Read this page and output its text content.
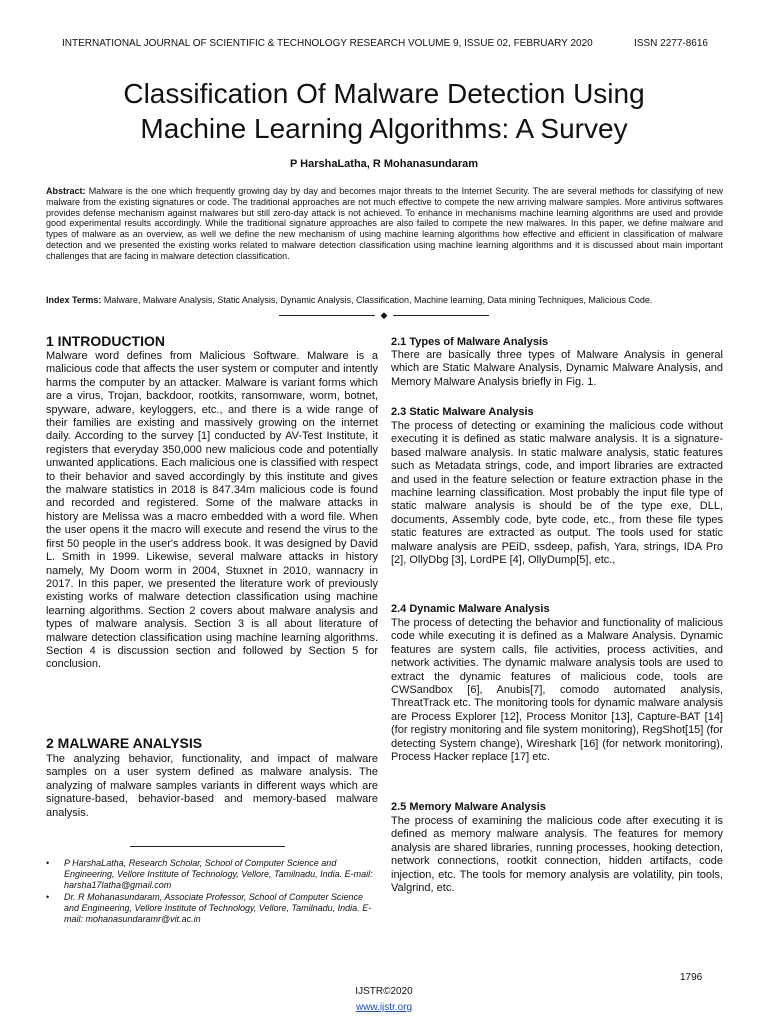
INTERNATIONAL JOURNAL OF SCIENTIFIC & TECHNOLOGY RESEARCH VOLUME 9, ISSUE 02, FEBRUARY 2020	ISSN 2277-8616
Classification Of Malware Detection Using
Machine Learning Algorithms: A Survey
P HarshaLatha, R Mohanasundaram
Abstract: Malware is the one which frequently growing day by day and becomes major threats to the Internet Security. The are several methods for classifying of new malware from the existing signatures or code. The traditional approaches are not much effective to compete the new arriving malware samples. More antivirus softwares provides defense mechanism against malwares but still zero-day attack is not achieved. To enhance in mechanisms machine learning algorithms are used and provide good experimental results accordingly. While the traditional signature approaches are also failed to compete the new malwares. In this paper, we define malware and types of malware as an overview, as well we define the new mechanism of using machine learning algorithms how effective and efficient in classification of malware detection and we presented the existing works related to malware detection classification using machine learning algorithms and it is discussed about main important challenges that are facing in malware detection classification.
Index Terms: Malware, Malware Analysis, Static Analysis, Dynamic Analysis, Classification, Machine learning, Data mining Techniques, Malicious Code.
◆
1 INTRODUCTION
Malware word defines from Malicious Software. Malware is a malicious code that affects the user system or computer and intently harms the computer by an attacker. Malware is variant forms which are a virus, Trojan, backdoor, rootkits, ransomware, worm, botnet, spyware, adware, keyloggers, etc., and there is a wide range of their families are existing and massively growing on the internet daily. According to the survey [1] conducted by AV-Test Institute, it registers that everyday 350,000 new malicious code and potentially unwanted applications. Each malicious one is classified with respect to their behavior and saved accordingly by this institute and gives the malware statistics in 2018 is 847.34m malicious code is found and recorded and registered. Some of the malware attacks in history are Melissa was a macro embedded with a word file. When the user opens it the macro will execute and resend the virus to the first 50 people in the user's address book. It was designed by David L. Smith in 1999. Likewise, several malware attacks in history namely, My Doom worm in 2004, Stuxnet in 2010, wannacry in 2017. In this paper, we presented the literature work of previously existing works of malware detection classification using machine learning algorithms. Section 2 covers about malware analysis and types of malware analysis. Section 3 is all about literature of malware detection classification using machine learning algorithms. Section 4 is discussion section and followed by Section 5 for conclusion.
2 MALWARE ANALYSIS
The analyzing behavior, functionality, and impact of malware samples on a user system defined as malware analysis. The analyzing of malware samples variants in different ways which are signature-based, behavior-based and memory-based malware analysis.
•	P HarshaLatha, Research Scholar, School of Computer Science and Engineering, Vellore Institute of Technology, Vellore, Tamilnadu, India. E-mail: harsha17latha@gmail.com
•	Dr. R Mohanasundaram, Associate Professor, School of Computer Science and Engineering, Vellore Institute of Technology, Vellore, Tamilnadu, India. E-mail: mohanasundaramr@vit.ac.in
2.1 Types of Malware Analysis
There are basically three types of Malware Analysis in general which are Static Malware Analysis, Dynamic Malware Analysis, and Memory Malware Analysis briefly in Fig. 1.
2.3 Static Malware Analysis
The process of detecting or examining the malicious code without executing it is defined as static malware analysis. It is a signature-based malware analysis. In static malware analysis, static features such as Metadata strings, code, and import libraries are extracted and used in the feature selection or feature extraction phase in the machine learning classification. Most probably the input file type of static malware analysis is should be of the type exe, DLL, documents, Assembly code, byte code, etc., from these file types static features are extracted as output. The tools used for static malware analysis are PEiD, ssdeep, pafish, Yara, strings, IDA Pro [2], OllyDbg [3], LordPE [4], OllyDump[5], etc.,
2.4 Dynamic Malware Analysis
The process of detecting the behavior and functionality of malicious code while executing it is defined as a Malware Analysis. Dynamic features are system calls, file activities, process activities, and network activities. The dynamic malware analysis tools are used to extract the dynamic features of malicious code, tools are CWSandbox [6], Anubis[7], comodo automated analysis, ThreatTrack etc. The monitoring tools for dynamic malware analysis are Process Explorer [12], Process Monitor [13], Capture-BAT [14] (for registry monitoring and file system monitoring), RegShot[15] (for detecting System change), Wireshark [16] (for network monitoring), Process Hacker replace [17] etc.
2.5 Memory Malware Analysis
The process of examining the malicious code after executing it is defined as memory malware analysis. The features for memory analysis are shared libraries, running processes, hooking detection, network connections, rootkit connection, hidden artifacts, code injection, etc. The tools for memory analysis are volatility, pin tools, Valgrind, etc.
1796
IJSTR©2020
www.ijstr.org
